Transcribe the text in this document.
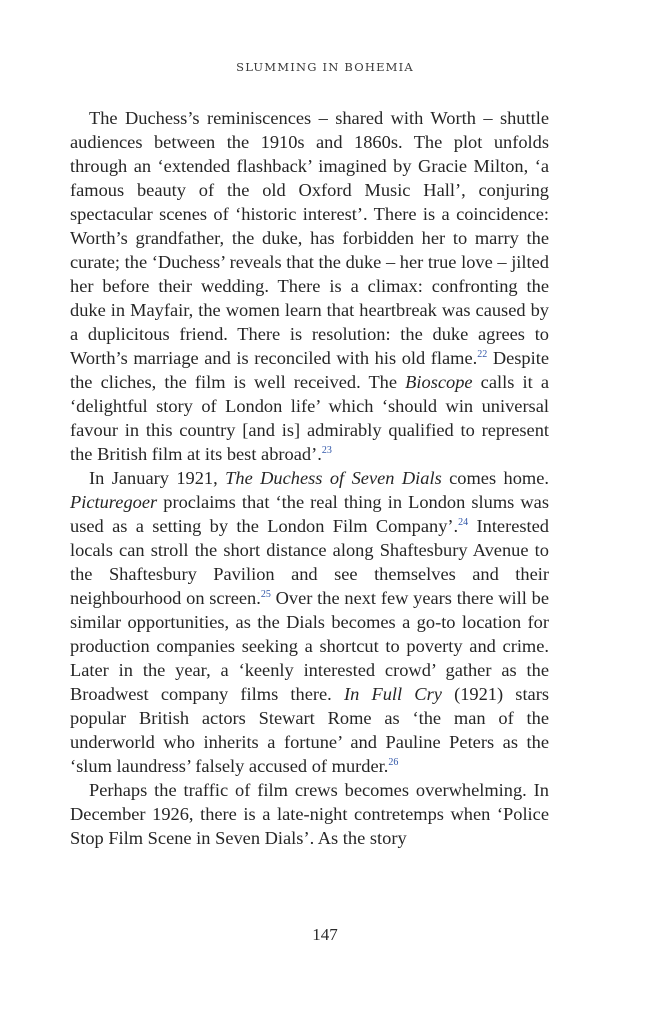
SLUMMING IN BOHEMIA

The Duchess’s reminiscences – shared with Worth – shuttle audiences between the 1910s and 1860s. The plot unfolds through an ‘extended flashback’ imagined by Gracie Milton, ‘a famous beauty of the old Oxford Music Hall’, conjuring spectacular scenes of ‘historic interest’. There is a coincidence: Worth’s grandfather, the duke, has forbidden her to marry the curate; the ‘Duchess’ reveals that the duke – her true love – jilted her before their wedding. There is a climax: confronting the duke in Mayfair, the women learn that heartbreak was caused by a duplicitous friend. There is resolution: the duke agrees to Worth’s marriage and is reconciled with his old flame.$^{22}$ Despite the cliches, the film is well received. The Bioscope calls it a ‘delightful story of London life’ which ‘should win universal favour in this country [and is] admirably qualified to represent the British film at its best abroad’.$^{23}$

In January 1921, The Duchess of Seven Dials comes home. Picturegoer proclaims that ‘the real thing in London slums was used as a setting by the London Film Company’.$^{24}$ Interested locals can stroll the short distance along Shaftesbury Avenue to the Shaftesbury Pavilion and see themselves and their neighbourhood on screen.$^{25}$ Over the next few years there will be similar opportunities, as the Dials becomes a go-to location for production companies seeking a shortcut to poverty and crime. Later in the year, a ‘keenly interested crowd’ gather as the Broadwest company films there. In Full Cry (1921) stars popular British actors Stewart Rome as ‘the man of the underworld who inherits a fortune’ and Pauline Peters as the ‘slum laundress’ falsely accused of murder.$^{26}$

Perhaps the traffic of film crews becomes overwhelming. In December 1926, there is a late-night contretemps when ‘Police Stop Film Scene in Seven Dials’. As the story

147
